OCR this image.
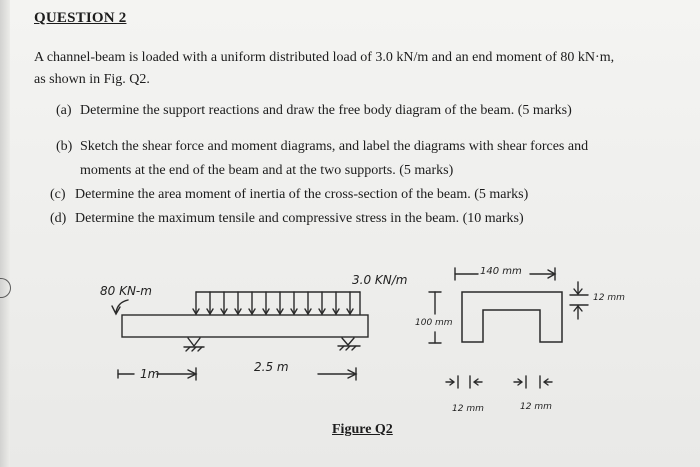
QUESTION 2
A channel-beam is loaded with a uniform distributed load of 3.0 kN/m and an end moment of 80 kN·m,
as shown in Fig. Q2.
(a) Determine the support reactions and draw the free body diagram of the beam. (5 marks)
(b) Sketch the shear force and moment diagrams, and label the diagrams with shear forces and
moments at the end of the beam and at the two supports. (5 marks)
(c) Determine the area moment of inertia of the cross-section of the beam. (5 marks)
(d) Determine the maximum tensile and compressive stress in the beam. (10 marks)
80 KN-m
3.0 KN/m
1m	2.5 m
140 mm
100 mm
12 mm
12 mm	12 mm
Figure Q2
